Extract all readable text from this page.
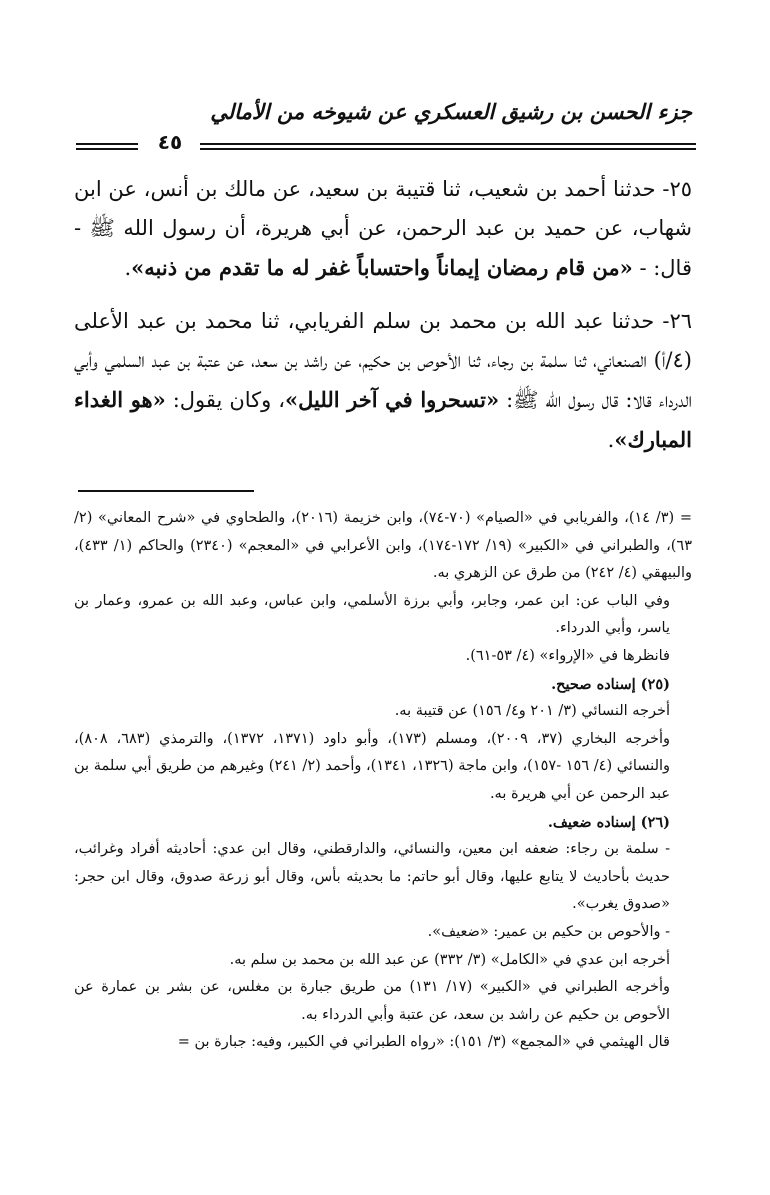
جزء الحسن بن رشيق العسكري عن شيوخه من الأمالي
٤٥

٢٥- حدثنا أحمد بن شعيب، ثنا قتيبة بن سعيد، عن مالك بن أنس، عن ابن شهاب، عن حميد بن عبد الرحمن، عن أبي هريرة، أن رسول الله ﷺ - قال: - «من قام رمضان إيماناً واحتساباً غفر له ما تقدم من ذنبه».

٢٦- حدثنا عبد الله بن محمد بن سلم الفريابي، ثنا محمد بن عبد الأعلى (٤/أ) الصنعاني، ثنا سلمة بن رجاء، ثنا الأحوص بن حكيم، عن راشد بن سعد، عن عتبة بن عبد السلمي وأبي الدرداء قالا: قال رسول الله ﷺ: «تسحروا في آخر الليل»، وكان يقول: «هو الغداء المبارك».

= (٣/ ١٤)، والفريابي في «الصيام» (٧٠-٧٤)، وابن خزيمة (٢٠١٦)، والطحاوي في «شرح المعاني» (٢/ ٦٣)، والطبراني في «الكبير» (١٩/ ١٧٢-١٧٤)، وابن الأعرابي في «المعجم» (٢٣٤٠) والحاكم (١/ ٤٣٣)، والبيهقي (٤/ ٢٤٢) من طرق عن الزهري به.

وفي الباب عن: ابن عمر، وجابر، وأبي برزة الأسلمي، وابن عباس، وعبد الله بن عمرو، وعمار بن ياسر، وأبي الدرداء.

فانظرها في «الإرواء» (٤/ ٥٣-٦١).

(٢٥) إسناده صحيح.

أخرجه النسائي (٣/ ٢٠١ و٤/ ١٥٦) عن قتيبة به.

وأخرجه البخاري (٣٧، ٢٠٠٩)، ومسلم (١٧٣)، وأبو داود (١٣٧١، ١٣٧٢)، والترمذي (٦٨٣، ٨٠٨)، والنسائي (٤/ ١٥٦ -١٥٧)، وابن ماجة (١٣٢٦، ١٣٤١)، وأحمد (٢/ ٢٤١) وغيرهم من طريق أبي سلمة بن عبد الرحمن عن أبي هريرة به.

(٢٦) إسناده ضعيف.

- سلمة بن رجاء: ضعفه ابن معين، والنسائي، والدارقطني، وقال ابن عدي: أحاديثه أفراد وغرائب، حديث بأحاديث لا يتابع عليها، وقال أبو حاتم: ما بحديثه بأس، وقال أبو زرعة صدوق، وقال ابن حجر: «صدوق يغرب».

- والأحوص بن حكيم بن عمير: «ضعيف».

أخرجه ابن عدي في «الكامل» (٣/ ٣٣٢) عن عبد الله بن محمد بن سلم به.

وأخرجه الطبراني في «الكبير» (١٧/ ١٣١) من طريق جبارة بن مغلس، عن بشر بن عمارة عن الأحوص بن حكيم عن راشد بن سعد، عن عتبة وأبي الدرداء به.

قال الهيثمي في «المجمع» (٣/ ١٥١): «رواه الطبراني في الكبير، وفيه: جبارة بن =
